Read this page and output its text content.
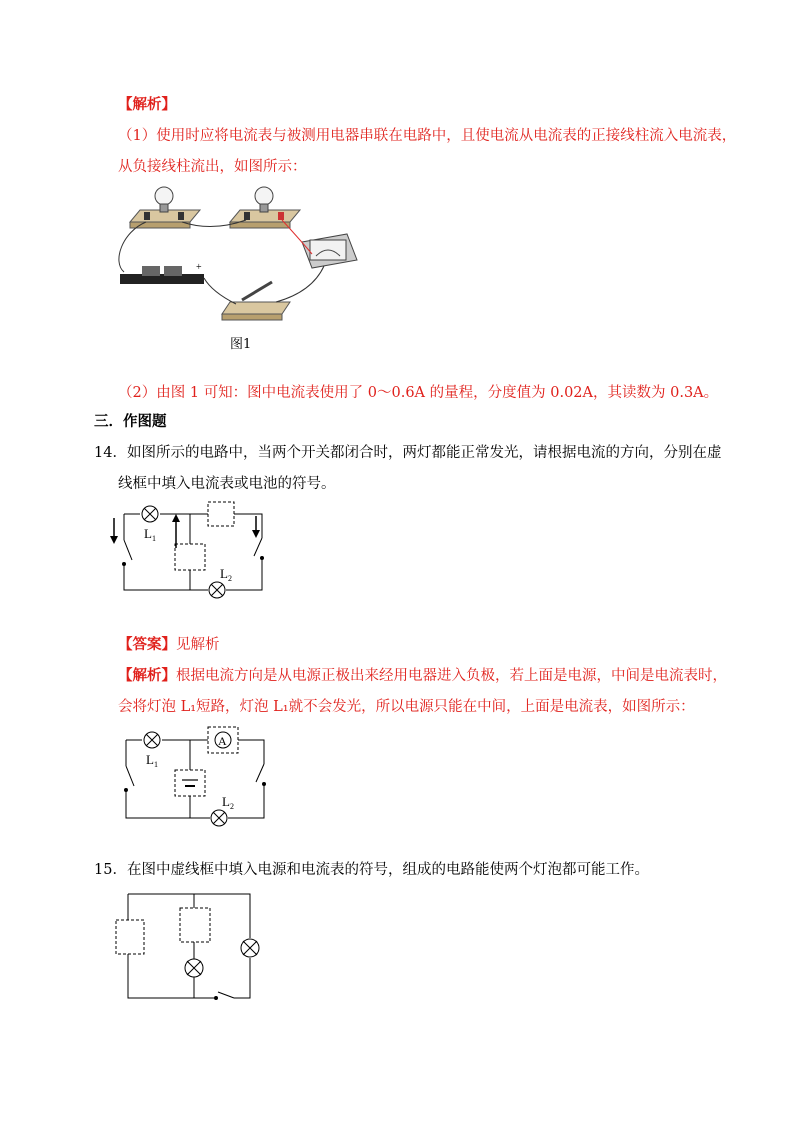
【解析】
（1）使用时应将电流表与被测用电器串联在电路中，且使电流从电流表的正接线柱流入电流表，
从负接线柱流出，如图所示：
+
图1
（2）由图 1 可知：图中电流表使用了 0～0.6A 的量程，分度值为 0.02A，其读数为 0.3A。
三．作图题
14．如图所示的电路中，当两个开关都闭合时，两灯都能正常发光，请根据电流的方向，分别在虚
线框中填入电流表或电池的符号。
L 1
L 2
【答案】见解析
【解析】根据电流方向是从电源正极出来经用电器进入负极，若上面是电源，中间是电流表时，
会将灯泡 L₁短路，灯泡 L₁就不会发光，所以电源只能在中间，上面是电流表，如图所示：
A
L 1
L 2
15．在图中虚线框中填入电源和电流表的符号，组成的电路能使两个灯泡都可能工作。
